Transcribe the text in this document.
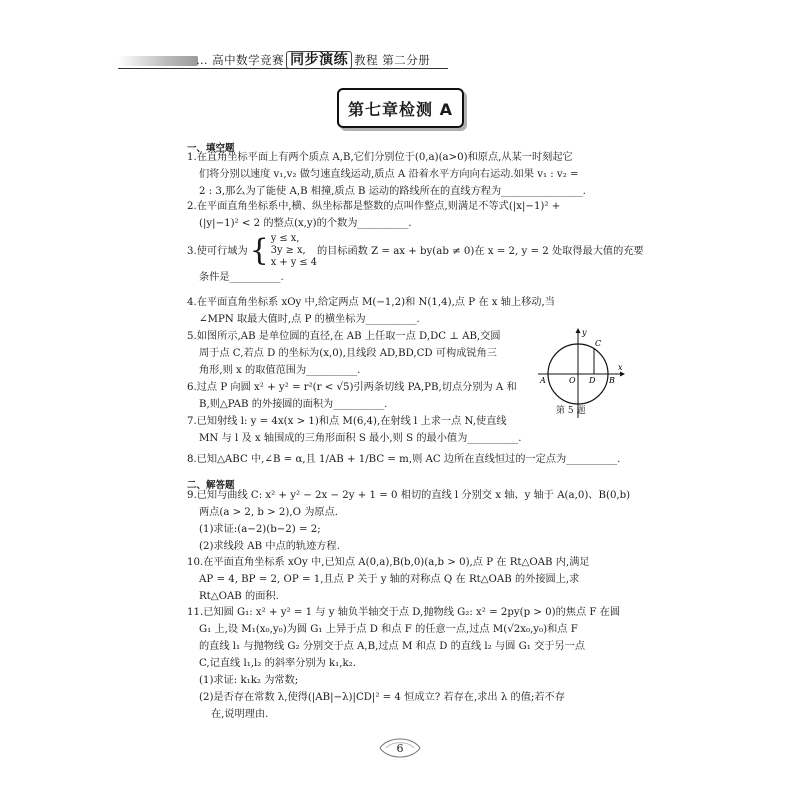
… 高中数学竞赛 同步演练 教程 第二分册
第七章检测 A
一、填空题
1.在直角坐标平面上有两个质点 A,B,它们分别位于(0,a)(a>0)和原点,从某一时刻起它
们将分别以速度 v₁,v₂ 做匀速直线运动,质点 A 沿着水平方向向右运动.如果 v₁ : v₂ =
2 : 3,那么为了能使 A,B 相撞,质点 B 运动的路线所在的直线方程为________________.
2.在平面直角坐标系中,横、纵坐标都是整数的点叫作整点,则满足不等式(|x|−1)² +
(|y|−1)² < 2 的整点(x,y)的个数为__________.
3.使可行域为 { y ≤ x,
3y ≥ x,
x + y ≤ 4
的目标函数 Z = ax + by(ab ≠ 0)在 x = 2, y = 2 处取得最大值的充要
条件是__________.
4.在平面直角坐标系 xOy 中,给定两点 M(−1,2)和 N(1,4),点 P 在 x 轴上移动,当
∠MPN 取最大值时,点 P 的横坐标为__________.
5.如图所示,AB 是单位圆的直径,在 AB 上任取一点 D,DC ⊥ AB,交圆
周于点 C,若点 D 的坐标为(x,0),且线段 AD,BD,CD 可构成锐角三
角形,则 x 的取值范围为__________.
6.过点 P 向圆 x² + y² = r²(r < √5)引两条切线 PA,PB,切点分别为 A 和
B,则△PAB 的外接圆的面积为__________.
7.已知射线 l: y = 4x(x > 1)和点 M(6,4),在射线 l 上求一点 N,使直线
MN 与 l 及 x 轴围成的三角形面积 S 最小,则 S 的最小值为__________.
8.已知△ABC 中,∠B = α,且 1/AB + 1/BC = m,则 AC 边所在直线恒过的一定点为__________.
二、解答题
9.已知与曲线 C: x² + y² − 2x − 2y + 1 = 0 相切的直线 l 分别交 x 轴、y 轴于 A(a,0)、B(0,b)
两点(a > 2, b > 2),O 为原点.
(1)求证:(a−2)(b−2) = 2;
(2)求线段 AB 中点的轨迹方程.
10.在平面直角坐标系 xOy 中,已知点 A(0,a),B(b,0)(a,b > 0),点 P 在 Rt△OAB 内,满足
AP = 4, BP = 2, OP = 1,且点 P 关于 y 轴的对称点 Q 在 Rt△OAB 的外接圆上,求
Rt△OAB 的面积.
11.已知圆 G₁: x² + y² = 1 与 y 轴负半轴交于点 D,抛物线 G₂: x² = 2py(p > 0)的焦点 F 在圆
G₁ 上,设 M₁(x₀,y₀)为圆 G₁ 上异于点 D 和点 F 的任意一点,过点 M(√2x₀,y₀)和点 F
的直线 l₁ 与抛物线 G₂ 分别交于点 A,B,过点 M 和点 D 的直线 l₂ 与圆 G₁ 交于另一点
C,记直线 l₁,l₂ 的斜率分别为 k₁,k₂.
(1)求证: k₁k₂ 为常数;
(2)是否存在常数 λ,使得(|AB|−λ)|CD|² = 4 恒成立? 若存在,求出 λ 的值;若不存
在,说明理由.
y
x
C
A	O D B
第 5 题
6
